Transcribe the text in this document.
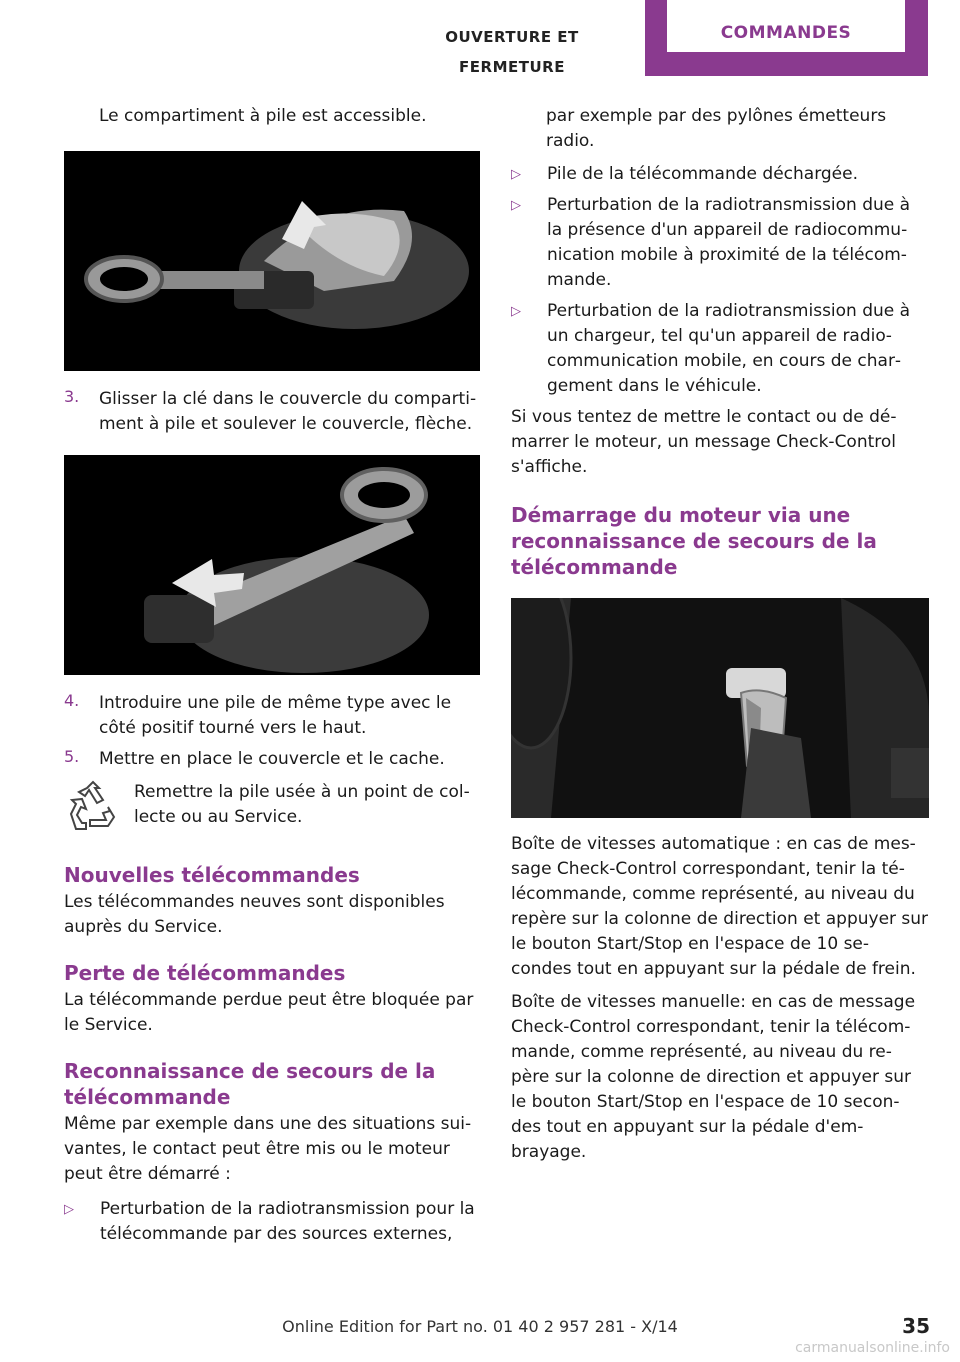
OUVERTURE ET FERMETURE
COMMANDES

Le compartiment à pile est accessible.

3.	Glisser la clé dans le couvercle du comparti‐ ment à pile et soulever le couvercle, flèche.
4.	Introduire une pile de même type avec le côté positif tourné vers le haut.
5.	Mettre en place le couvercle et le cache.
Remettre la pile usée à un point de col‐ lecte ou au Service.
Nouvelles télécommandes

Les télécommandes neuves sont disponibles auprès du Service.

Perte de télécommandes

La télécommande perdue peut être bloquée par le Service.

Reconnaissance de secours de la télécommande

Même par exemple dans une des situations sui‐ vantes, le contact peut être mis ou le moteur peut être démarré :

▷	Perturbation de la radiotransmission pour la télécommande par des sources externes,

par exemple par des pylônes émetteurs radio.

▷	Pile de la télécommande déchargée.
▷	Perturbation de la radiotransmission due à la présence d'un appareil de radiocommu‐ nication mobile à proximité de la télécom‐ mande.
▷	Perturbation de la radiotransmission due à un chargeur, tel qu'un appareil de radio‐ communication mobile, en cours de char‐ gement dans le véhicule.

Si vous tentez de mettre le contact ou de dé‐ marrer le moteur, un message Check-Control s'affiche.

Démarrage du moteur via une reconnaissance de secours de la télécommande

Boîte de vitesses automatique : en cas de mes‐ sage Check-Control correspondant, tenir la té‐ lécommande, comme représenté, au niveau du repère sur la colonne de direction et appuyer sur le bouton Start/Stop en l'espace de 10 se‐ condes tout en appuyant sur la pédale de frein.

Boîte de vitesses manuelle: en cas de message Check-Control correspondant, tenir la télécom‐ mande, comme représenté, au niveau du re‐ père sur la colonne de direction et appuyer sur le bouton Start/Stop en l'espace de 10 secon‐ des tout en appuyant sur la pédale d'em‐ brayage.

Online Edition for Part no. 01 40 2 957 281 - X/14	35
carmanualsonline.info
